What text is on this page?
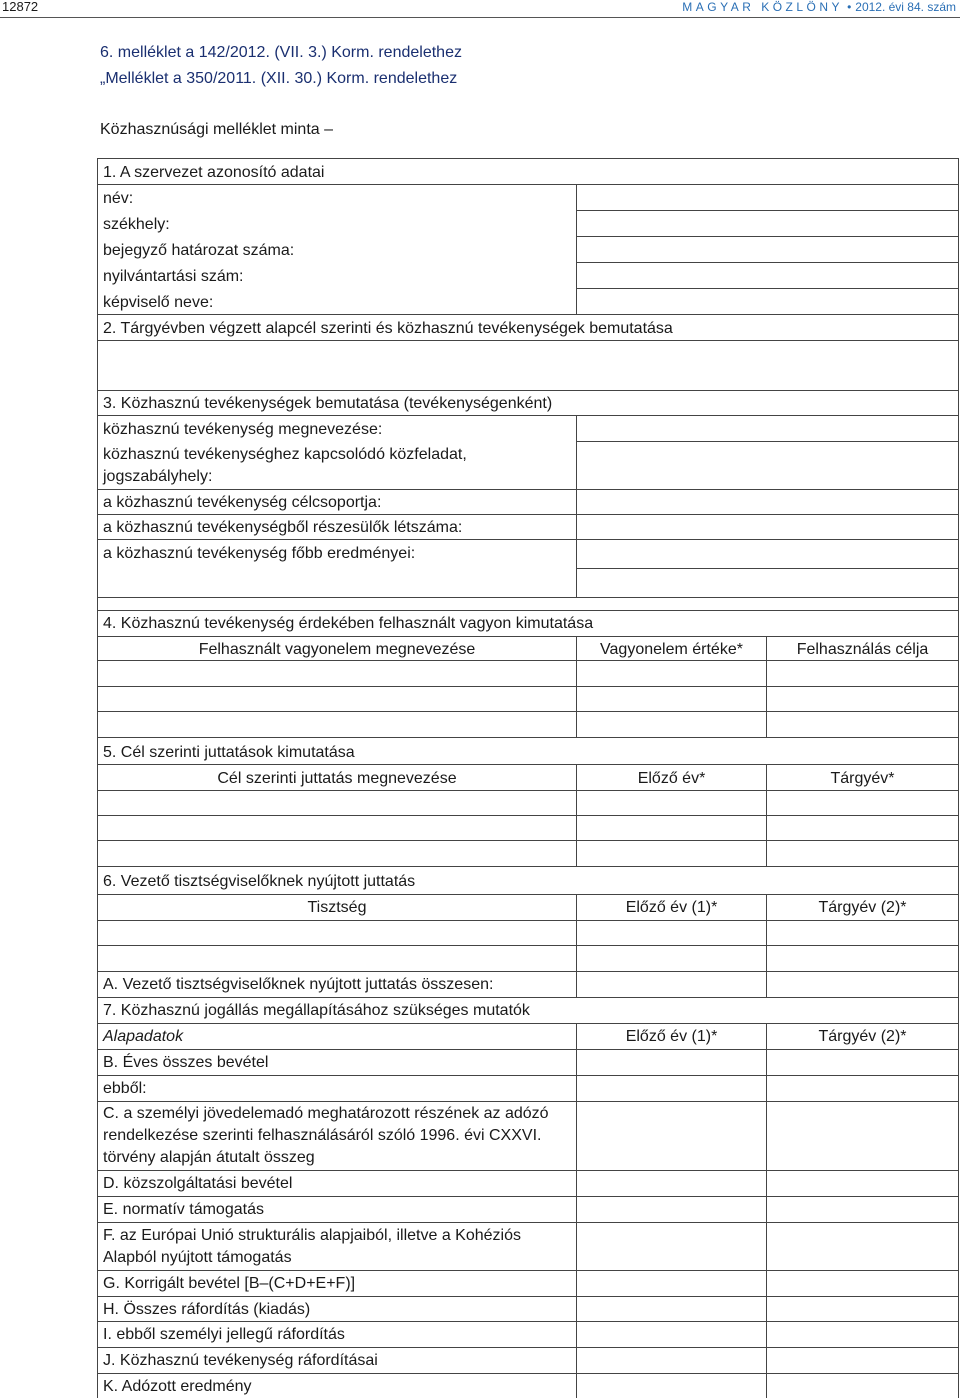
12872	MAGYAR KÖZLÖNY • 2012. évi 84. szám
6. melléklet a 142/2012. (VII. 3.) Korm. rendelethez
„Melléklet a 350/2011. (XII. 30.) Korm. rendelethez
Közhasznúsági melléklet minta –
1. A szervezet azonosító adatai
név:
székhely:
bejegyző határozat száma:
nyilvántartási szám:
képviselő neve:
2. Tárgyévben végzett alapcél szerinti és közhasznú tevékenységek bemutatása
3. Közhasznú tevékenységek bemutatása (tevékenységenként)
közhasznú tevékenység megnevezése:
közhasznú tevékenységhez kapcsolódó közfeladat, jogszabályhely:
a közhasznú tevékenység célcsoportja:
a közhasznú tevékenységből részesülők létszáma:
a közhasznú tevékenység főbb eredményei:
4. Közhasznú tevékenység érdekében felhasznált vagyon kimutatása
Felhasznált vagyonelem megnevezése	Vagyonelem értéke*	Felhasználás célja
5. Cél szerinti juttatások kimutatása
Cél szerinti juttatás megnevezése	Előző év*	Tárgyév*
6. Vezető tisztségviselőknek nyújtott juttatás
Tisztség	Előző év (1)*	Tárgyév (2)*
A. Vezető tisztségviselőknek nyújtott juttatás összesen:
7. Közhasznú jogállás megállapításához szükséges mutatók
Alapadatok	Előző év (1)*	Tárgyév (2)*
B. Éves összes bevétel
ebből:
C. a személyi jövedelemadó meghatározott részének az adózó rendelkezése szerinti felhasználásáról szóló 1996. évi CXXVI. törvény alapján átutalt összeg
D. közszolgáltatási bevétel
E. normatív támogatás
F. az Európai Unió strukturális alapjaiból, illetve a Kohéziós Alapból nyújtott támogatás
G. Korrigált bevétel [B–(C+D+E+F)]
H. Összes ráfordítás (kiadás)
I. ebből személyi jellegű ráfordítás
J. Közhasznú tevékenység ráfordításai
K. Adózott eredmény
